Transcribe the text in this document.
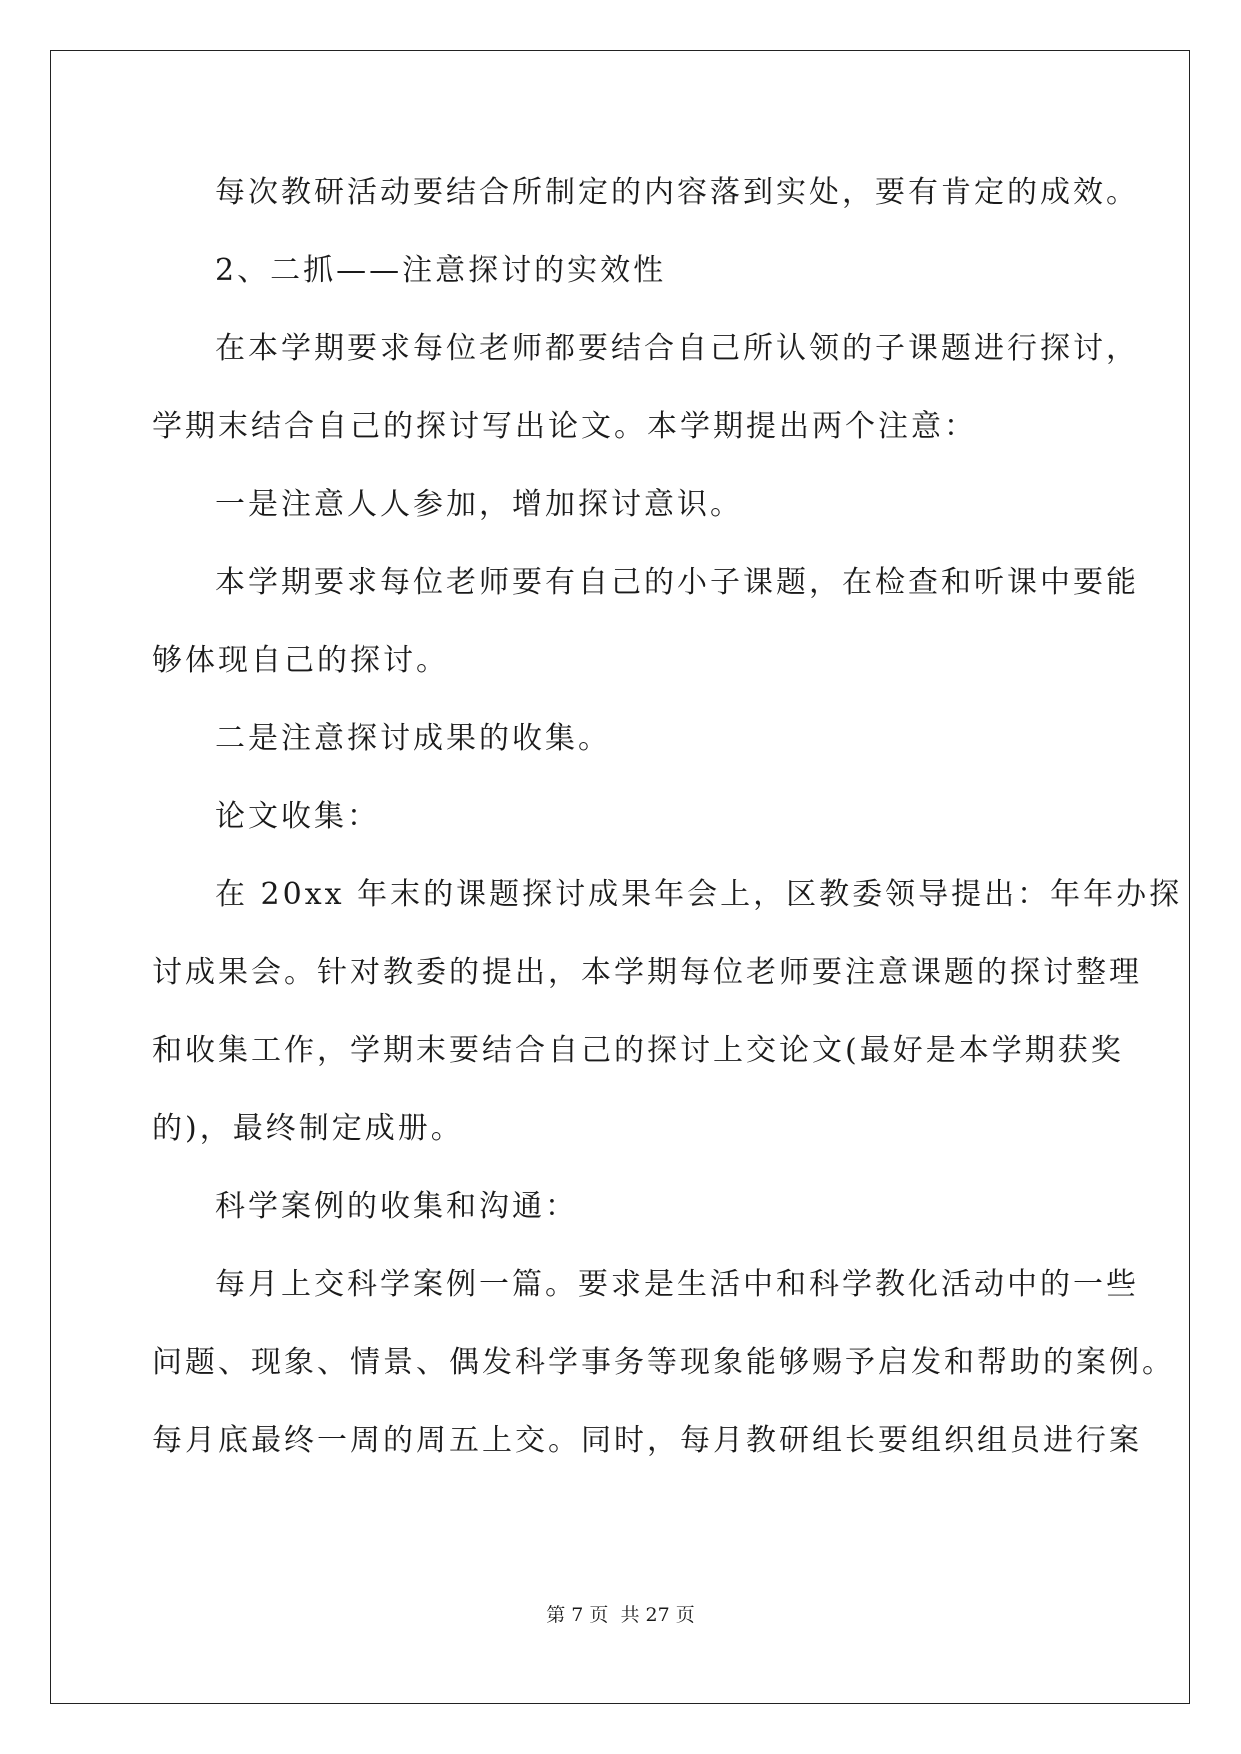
每次教研活动要结合所制定的内容落到实处，要有肯定的成效。
2、二抓——注意探讨的实效性
在本学期要求每位老师都要结合自己所认领的子课题进行探讨，
学期末结合自己的探讨写出论文。本学期提出两个注意：
一是注意人人参加，增加探讨意识。
本学期要求每位老师要有自己的小子课题，在检查和听课中要能
够体现自己的探讨。
二是注意探讨成果的收集。
论文收集：
在 20xx 年末的课题探讨成果年会上，区教委领导提出：年年办探
讨成果会。针对教委的提出，本学期每位老师要注意课题的探讨整理
和收集工作，学期末要结合自己的探讨上交论文(最好是本学期获奖
的)，最终制定成册。
科学案例的收集和沟通：
每月上交科学案例一篇。要求是生活中和科学教化活动中的一些
问题、现象、情景、偶发科学事务等现象能够赐予启发和帮助的案例。
每月底最终一周的周五上交。同时，每月教研组长要组织组员进行案
第 7 页 共 27 页
